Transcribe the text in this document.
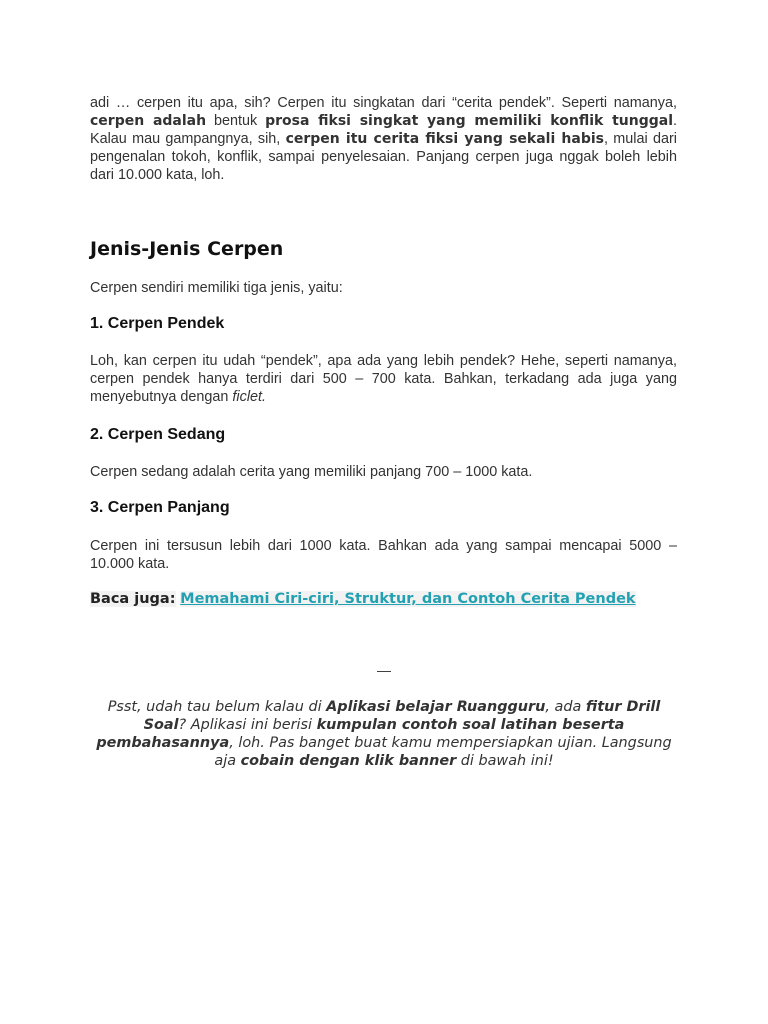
adi … cerpen itu apa, sih? Cerpen itu singkatan dari “cerita pendek”. Seperti namanya, cerpen adalah bentuk prosa fiksi singkat yang memiliki konflik tunggal. Kalau mau gampangnya, sih, cerpen itu cerita fiksi yang sekali habis, mulai dari pengenalan tokoh, konflik, sampai penyelesaian. Panjang cerpen juga nggak boleh lebih dari 10.000 kata, loh.

Jenis-Jenis Cerpen

Cerpen sendiri memiliki tiga jenis, yaitu:

1. Cerpen Pendek

Loh, kan cerpen itu udah “pendek”, apa ada yang lebih pendek? Hehe, seperti namanya, cerpen pendek hanya terdiri dari 500 – 700 kata. Bahkan, terkadang ada juga yang menyebutnya dengan ficlet.

2. Cerpen Sedang

Cerpen sedang adalah cerita yang memiliki panjang 700 – 1000 kata.

3. Cerpen Panjang

Cerpen ini tersusun lebih dari 1000 kata. Bahkan ada yang sampai mencapai 5000 – 10.000 kata.

Baca juga: Memahami Ciri-ciri, Struktur, dan Contoh Cerita Pendek

—

Psst, udah tau belum kalau di Aplikasi belajar Ruangguru, ada fitur Drill Soal? Aplikasi ini berisi kumpulan contoh soal latihan beserta pembahasannya, loh. Pas banget buat kamu mempersiapkan ujian. Langsung aja cobain dengan klik banner di bawah ini!
